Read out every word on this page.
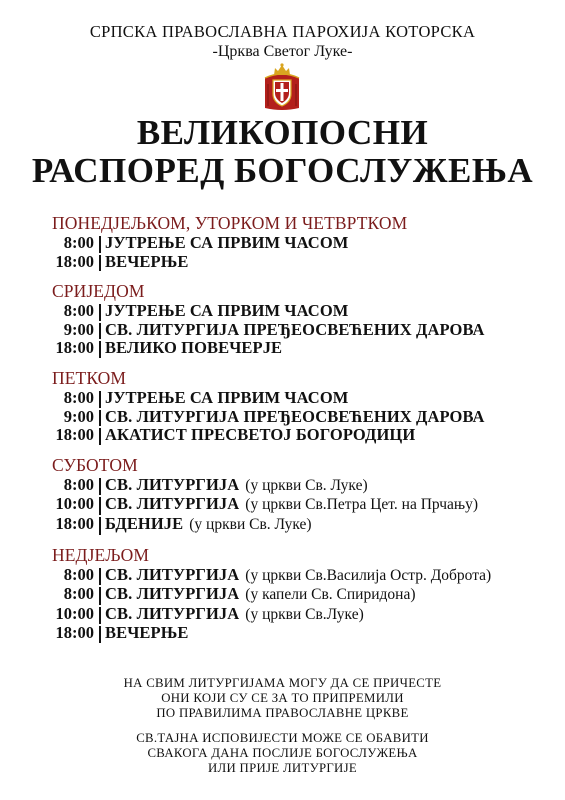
СРПСКА ПРАВОСЛАВНА ПАРОХИЈА КОТОРСКА
-Црква Светог Луке-
ВЕЛИКОПОСНИ
РАСПОРЕД БОГОСЛУЖЕЊА
ПОНЕДЈЕЉКОМ, УТОРКОМ И ЧЕТВРТКОМ
8:00 ЈУТРЕЊЕ СА ПРВИМ ЧАСОМ
18:00 ВЕЧЕРЊЕ
СРИЈЕДОМ
8:00 ЈУТРЕЊЕ СА ПРВИМ ЧАСОМ
9:00 СВ. ЛИТУРГИЈА ПРЕЂЕОСВЕЋЕНИХ ДАРОВА
18:00 ВЕЛИКО ПОВЕЧЕРЈЕ
ПЕТКОМ
8:00 ЈУТРЕЊЕ СА ПРВИМ ЧАСОМ
9:00 СВ. ЛИТУРГИЈА ПРЕЂЕОСВЕЋЕНИХ ДАРОВА
18:00 АКАТИСТ ПРЕСВЕТОЈ БОГОРОДИЦИ
СУБОТОМ
8:00 СВ. ЛИТУРГИЈА (у цркви Св. Луке)
10:00 СВ. ЛИТУРГИЈА (у цркви Св.Петра Цет. на Прчању)
18:00 БДЕНИЈЕ (у цркви Св. Луке)
НЕДЈЕЉОМ
8:00 СВ. ЛИТУРГИЈА (у цркви Св.Василија Остр. Доброта)
8:00 СВ. ЛИТУРГИЈА (у капели Св. Спиридона)
10:00 СВ. ЛИТУРГИЈА (у цркви Св.Луке)
18:00 ВЕЧЕРЊЕ
НА СВИМ ЛИТУРГИЈАМА МОГУ ДА СЕ ПРИЧЕСТЕ
ОНИ КОЈИ СУ СЕ ЗА ТО ПРИПРЕМИЛИ
ПО ПРАВИЛИМА ПРАВОСЛАВНЕ ЦРКВЕ
СВ.ТАЈНА ИСПОВИЈЕСТИ МОЖЕ СЕ ОБАВИТИ
СВАКОГА ДАНА ПОСЛИЈЕ БОГОСЛУЖЕЊА
ИЛИ ПРИЈЕ ЛИТУРГИЈЕ
